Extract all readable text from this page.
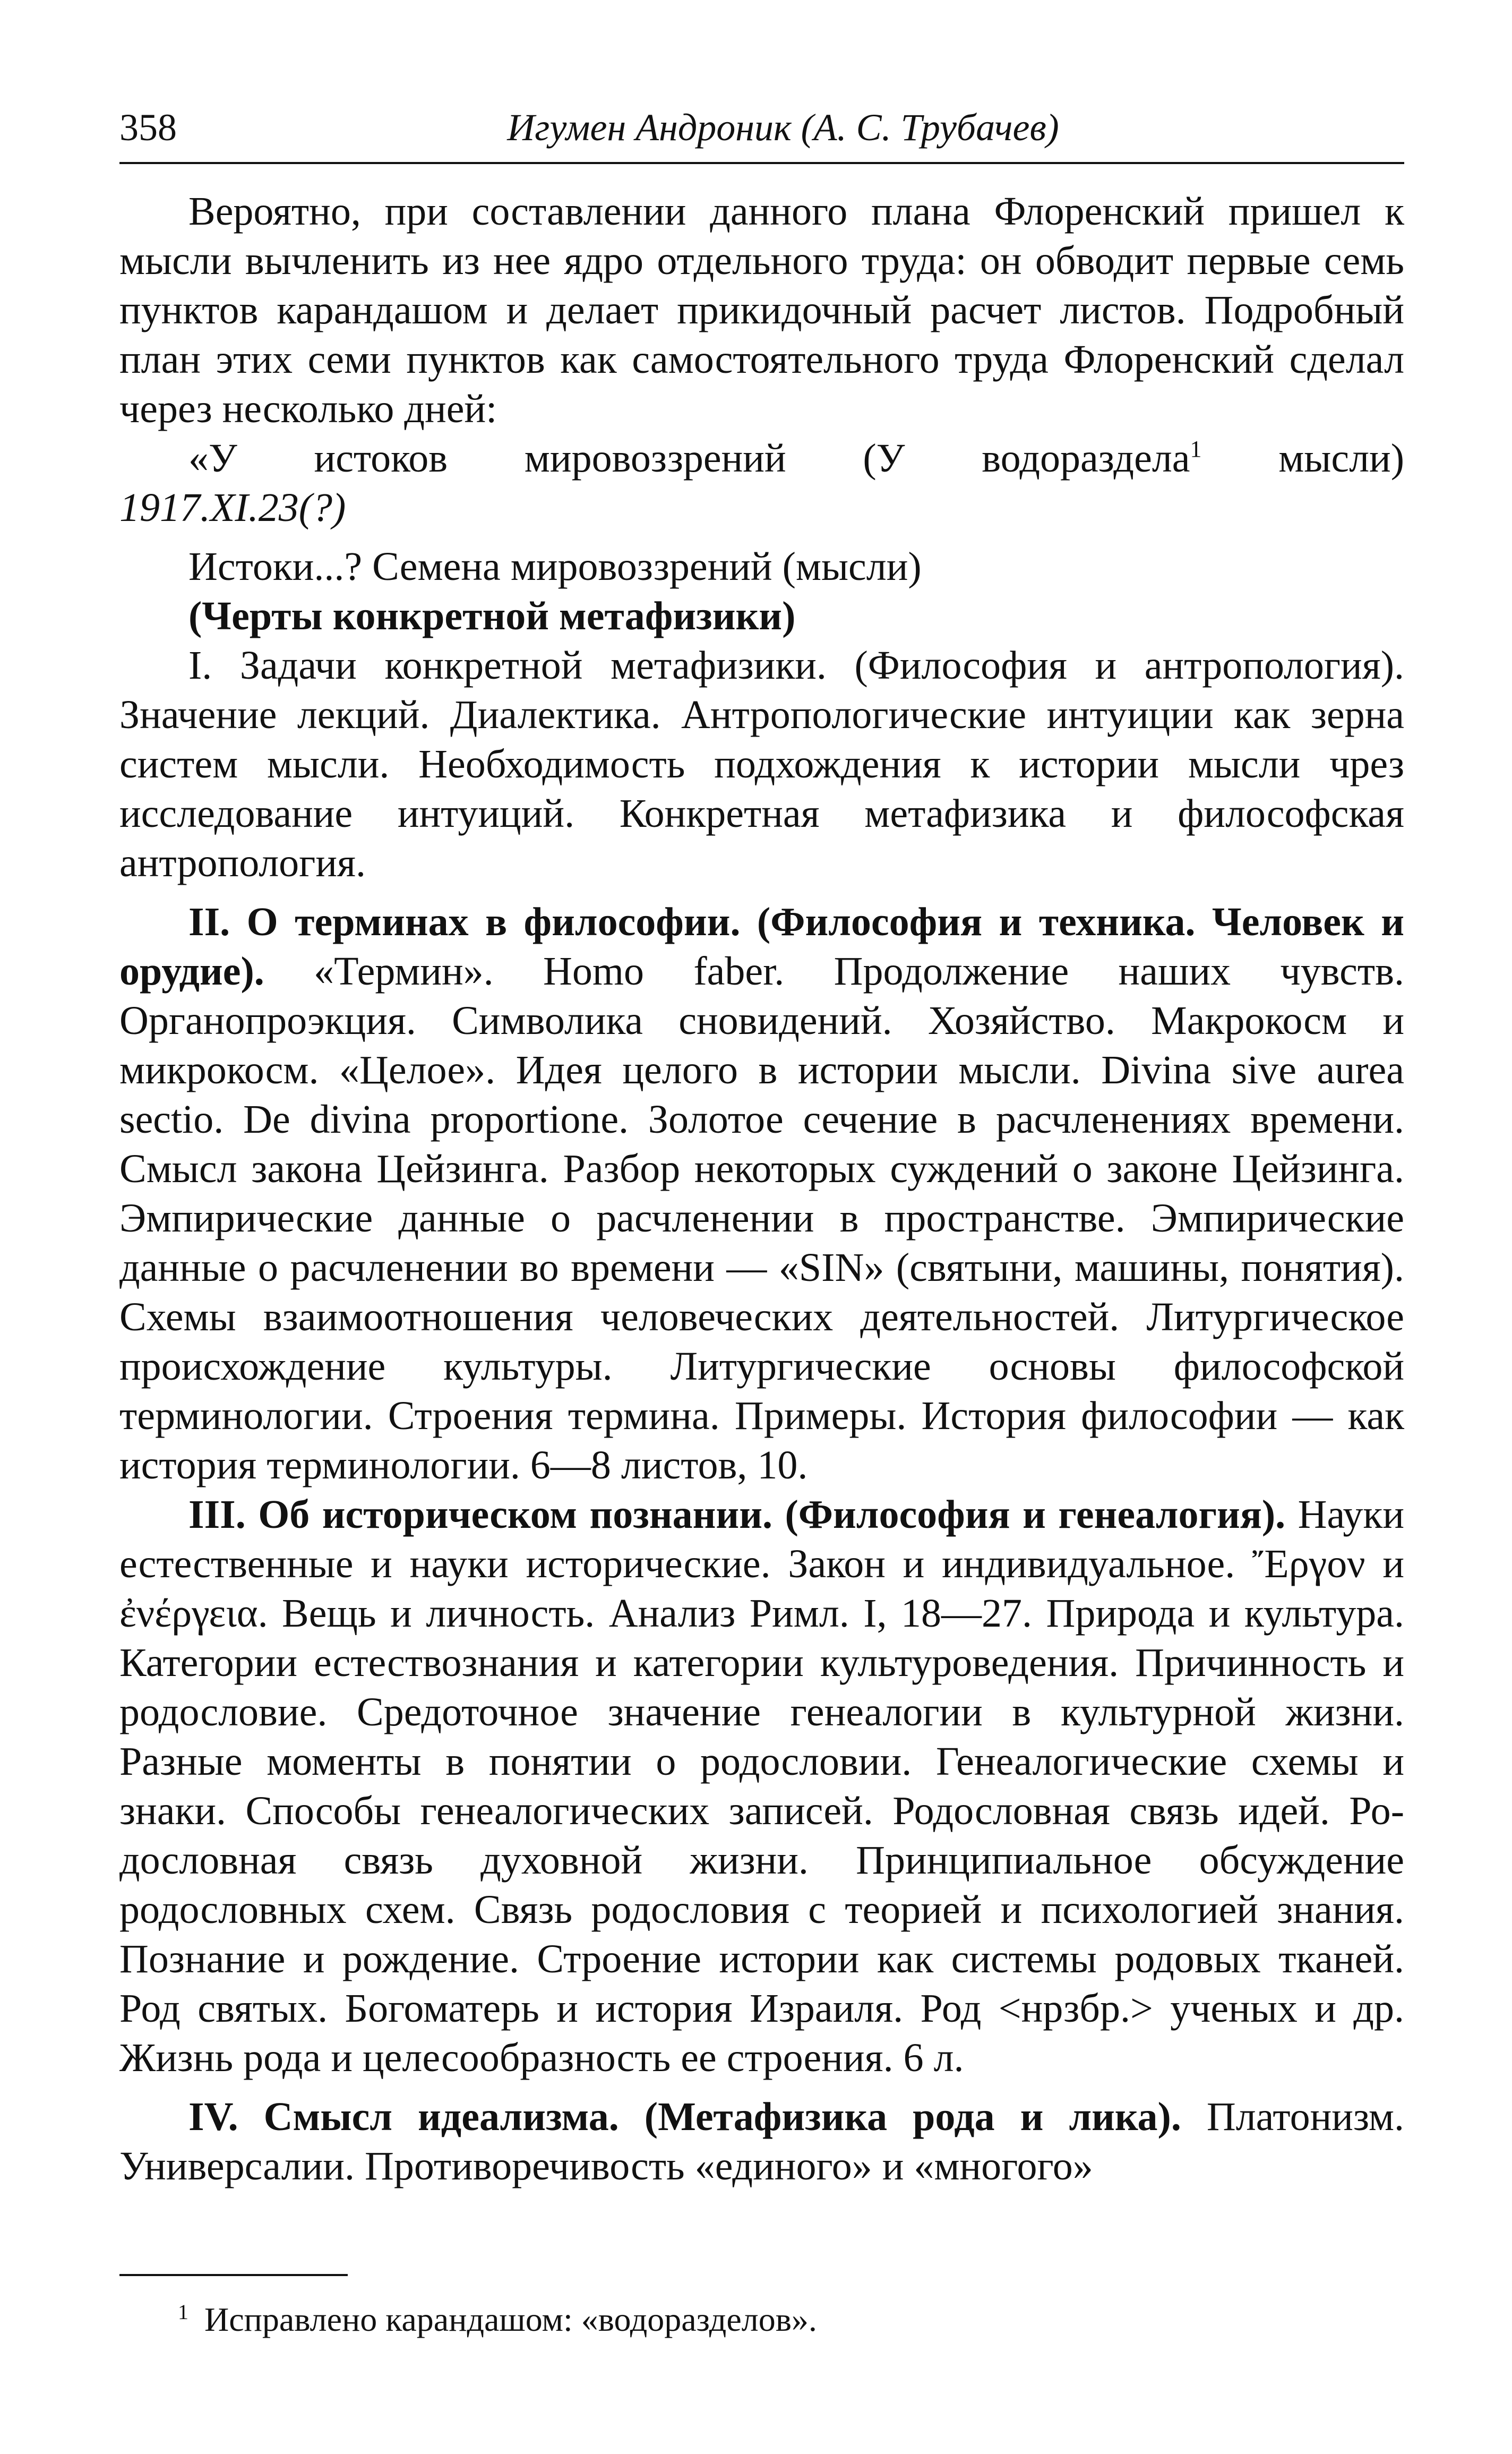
358	Игумен Андроник (А. С. Трубачев)

Вероятно, при составлении данного плана Флоренский пришел к мысли вычленить из нее ядро отдельного труда: он обводит первые семь пунктов карандашом и делает прикидочный расчет листов. Подробный план этих семи пунктов как самостоятельного труда Флоренский сделал через несколько дней:

«У истоков мировоззрений (У водораздела$^1$ мысли)

1917.XI.23(?)

Истоки...? Семена мировоззрений (мысли)

(Черты конкретной метафизики)

I. Задачи конкретной метафизики. (Философия и антропология). Значение лекций. Диалектика. Антропологические интуиции как зерна систем мысли. Необходимость подхождения к истории мысли чрез исследование интуиций. Конкретная метафизика и философская антропология.

II. О терминах в философии. (Философия и техника. Человек и орудие). «Термин». Homo faber. Продолжение наших чувств. Органопроэкция. Символика сновидений. Хозяйство. Макрокосм и микрокосм. «Целое». Идея целого в истории мысли. Divina sive aurea sectio. De divina proportione. Золотое сечение в расчленениях времени. Смысл закона Цейзинга. Разбор некоторых суждений о законе Цейзинга. Эмпирические данные о расчленении в пространстве. Эмпирические данные о расчленении во времени — «SIN» (святыни, машины, понятия). Схемы взаимоотношения человеческих деятельностей. Литургическое происхождение культуры. Литургические основы философской терминологии. Строения термина. Примеры. История философии — как история терминологии. 6—8 листов, 10.

III. Об историческом познании. (Философия и генеалогия). Науки естественные и науки исторические. Закон и индивидуальное. Ἔργον и ἐνέργεια. Вещь и личность. Анализ Римл. I, 18—27. Природа и культура. Категории естествознания и категории культуроведения. Причинность и родословие. Средоточное значение генеалогии в культурной жизни. Разные моменты в понятии о родословии. Генеалогические схемы и знаки. Способы генеалогических записей. Родословная связь идей. Родословная связь духовной жизни. Принципиальное обсуждение родословных схем. Связь родословия с теорией и психологией знания. Познание и рождение. Строение истории как системы родовых тканей. Род святых. Богоматерь и история Израиля. Род <нрзбр.> ученых и др. Жизнь рода и целесообразность ее строения. 6 л.

IV. Смысл идеализма. (Метафизика рода и лика). Платонизм. Универсалии. Противоречивость «единого» и «многого»

$^1$ Исправлено карандашом: «водоразделов».
